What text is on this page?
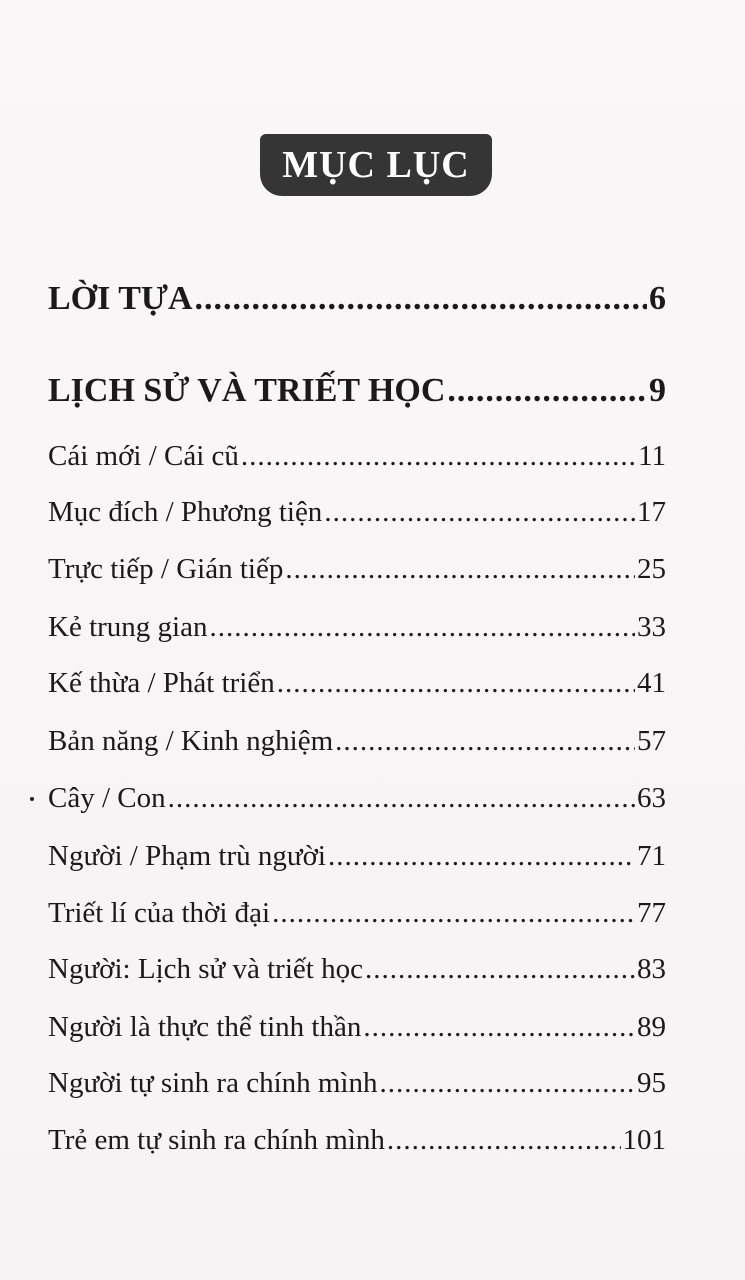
MỤC LỤC
LỜI TỰA .....	6
LỊCH SỬ VÀ TRIẾT HỌC .....	9
Cái mới / Cái cũ .....	11
Mục đích / Phương tiện .....	17
Trực tiếp / Gián tiếp .....	25
Kẻ trung gian .....	33
Kế thừa / Phát triển .....	41
Bản năng / Kinh nghiệm .....	57
Cây / Con .....	63
Người / Phạm trù người .....	71
Triết lí của thời đại .....	77
Người: Lịch sử và triết học .....	83
Người là thực thể tinh thần .....	89
Người tự sinh ra chính mình .....	95
Trẻ em tự sinh ra chính mình .....	101
